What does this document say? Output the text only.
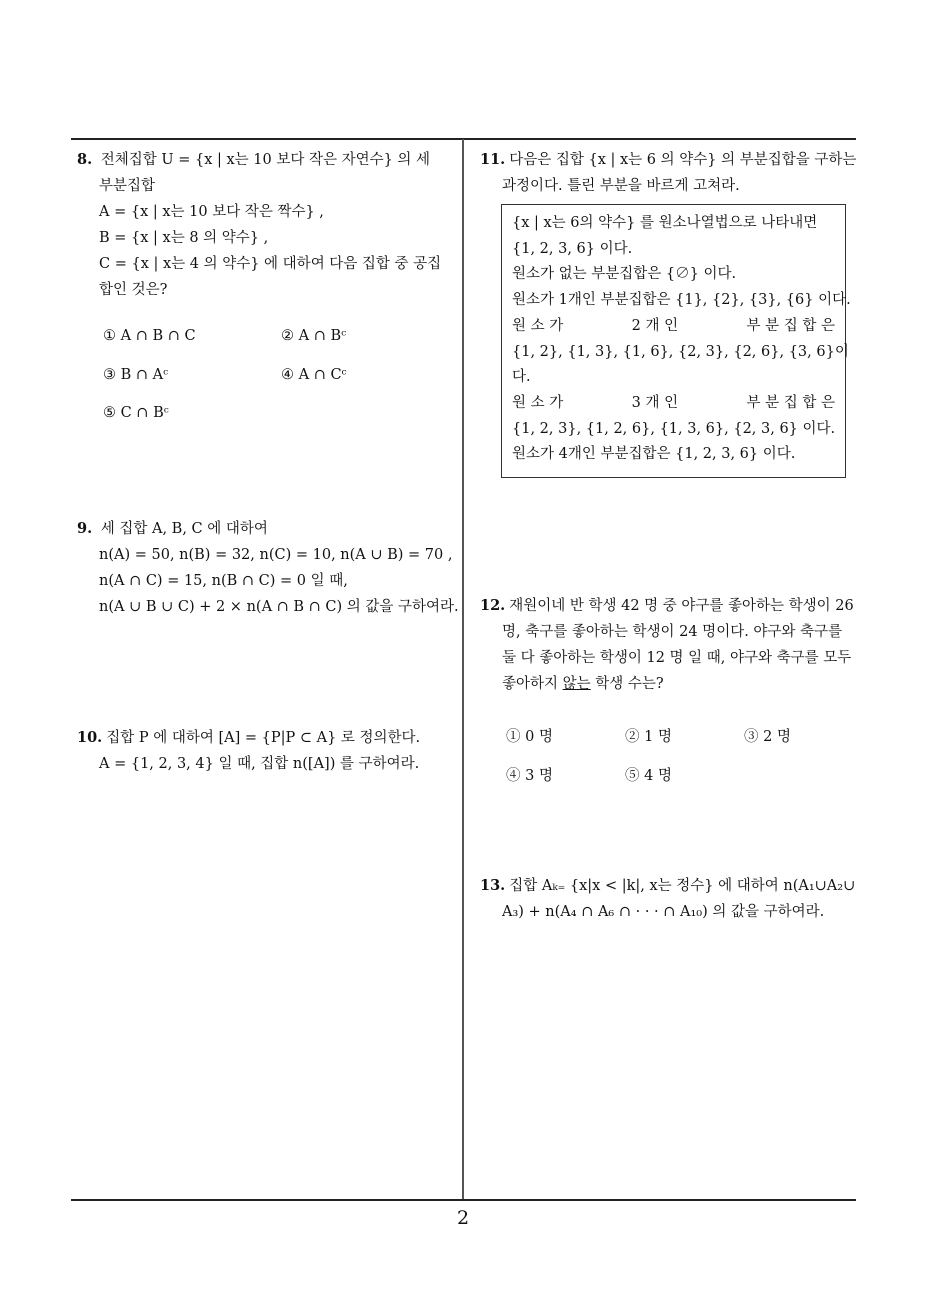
8. 전체집합 U = {x | x는 10 보다 작은 자연수} 의 세
부분집합
A = {x | x는 10 보다 작은 짝수} ,
B = {x | x는 8 의 약수} ,
C = {x | x는 4 의 약수} 에 대하여 다음 집합 중 공집
합인 것은?
① A ∩ B ∩ C	② A ∩ Bᶜ
③ B ∩ Aᶜ	④ A ∩ Cᶜ
⑤ C ∩ Bᶜ
9. 세 집합 A, B, C 에 대하여
n(A) = 50, n(B) = 32, n(C) = 10, n(A ∪ B) = 70 ,
n(A ∩ C) = 15, n(B ∩ C) = 0 일 때,
n(A ∪ B ∪ C) + 2 × n(A ∩ B ∩ C) 의 값을 구하여라.
10. 집합 P 에 대하여 [A] = {P|P ⊂ A} 로 정의한다.
A = {1, 2, 3, 4} 일 때, 집합 n([A]) 를 구하여라.
11. 다음은 집합 {x | x는 6 의 약수} 의 부분집합을 구하는
과정이다. 틀린 부분을 바르게 고쳐라.
{x | x는 6의 약수} 를 원소나열법으로 나타내면
{1, 2, 3, 6} 이다.
원소가 없는 부분집합은 {∅} 이다.
원소가 1개인 부분집합은 {1}, {2}, {3}, {6} 이다.
원 소 가	2 개 인	부 분 집 합 은
{1, 2}, {1, 3}, {1, 6}, {2, 3}, {2, 6}, {3, 6} 이
다.
원 소 가	3 개 인	부 분 집 합 은
{1, 2, 3}, {1, 2, 6}, {1, 3, 6}, {2, 3, 6} 이다.
원소가 4개인 부분집합은 {1, 2, 3, 6} 이다.
12. 재원이네 반 학생 42 명 중 야구를 좋아하는 학생이 26
명, 축구를 좋아하는 학생이 24 명이다. 야구와 축구를
둘 다 좋아하는 학생이 12 명 일 때, 야구와 축구를 모두
좋아하지 않는 학생 수는?
① 0 명	② 1 명	③ 2 명
④ 3 명	⑤ 4 명
13. 집합 Aₖ₌ {x|x < |k|, x는 정수} 에 대하여 n(A₁∪A₂∪
A₃) + n(A₄ ∩ A₆ ∩ · · · ∩ A₁₀) 의 값을 구하여라.
2
